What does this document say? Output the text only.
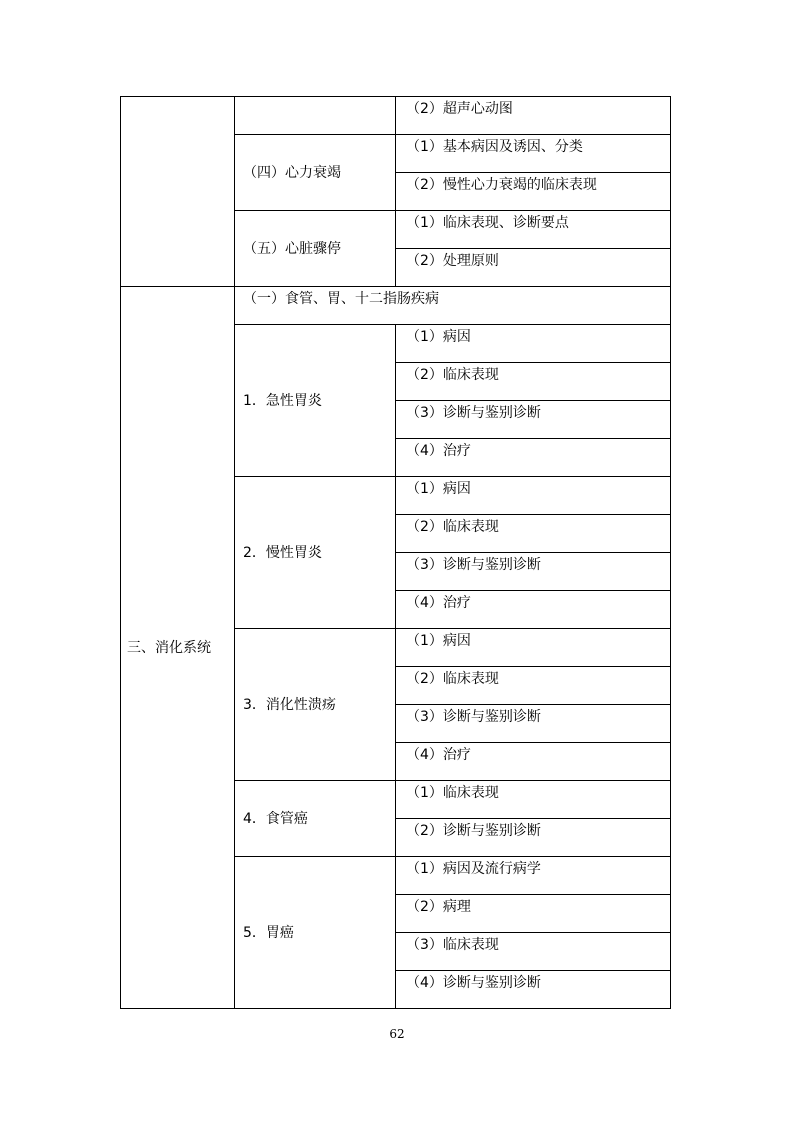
		（2）超声心动图
	（四）心力衰竭	（1）基本病因及诱因、分类
		（2）慢性心力衰竭的临床表现
	（五）心脏骤停	（1）临床表现、诊断要点
		（2）处理原则
三、消化系统	（一）食管、胃、十二指肠疾病	
	1．急性胃炎	（1）病因
		（2）临床表现
		（3）诊断与鉴别诊断
		（4）治疗
	2．慢性胃炎	（1）病因
		（2）临床表现
		（3）诊断与鉴别诊断
		（4）治疗
	3．消化性溃疡	（1）病因
		（2）临床表现
		（3）诊断与鉴别诊断
		（4）治疗
	4．食管癌	（1）临床表现
		（2）诊断与鉴别诊断
	5．胃癌	（1）病因及流行病学
		（2）病理
		（3）临床表现
		（4）诊断与鉴别诊断
62
